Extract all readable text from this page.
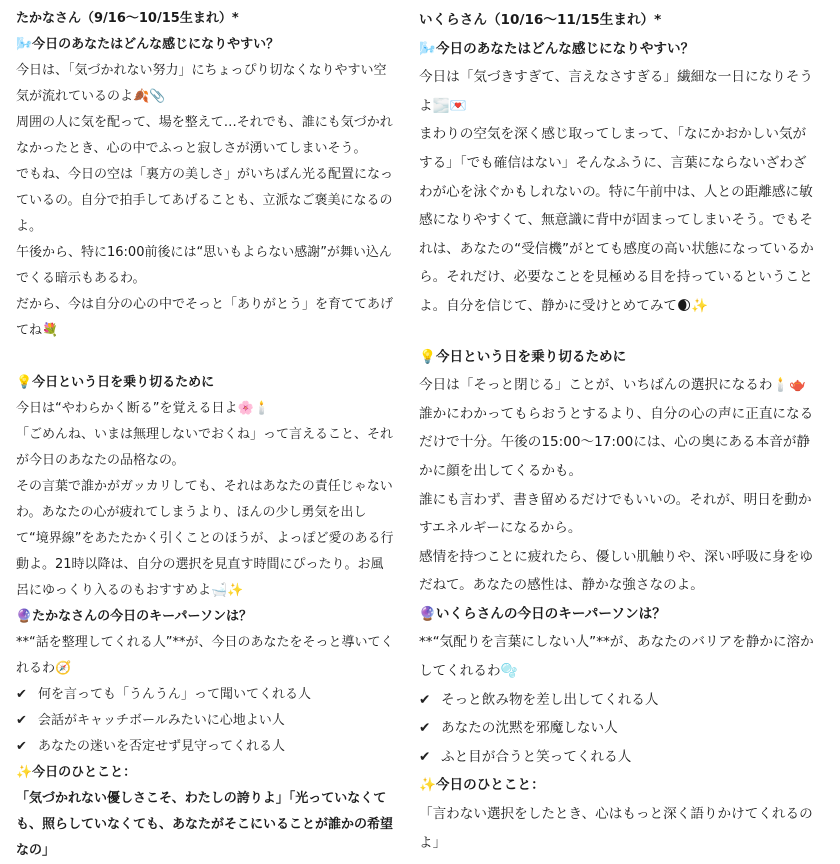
たかなさん（9/16〜10/15生まれ）*

🌬️今日のあなたはどんな感じになりやすい？

今日は、「気づかれない努力」にちょっぴり切なくなりやすい空気が流れているのよ🍂📎

周囲の人に気を配って、場を整えて…それでも、誰にも気づかれなかったとき、心の中でふっと寂しさが湧いてしまいそう。

でもね、今日の空は「裏方の美しさ」がいちばん光る配置になっているの。自分で拍手してあげることも、立派なご褒美になるのよ。

午後から、特に16:00前後には“思いもよらない感謝”が舞い込んでくる暗示もあるわ。

だから、今は自分の心の中でそっと「ありがとう」を育ててあげてね💐

💡今日という日を乗り切るために

今日は“やわらかく断る”を覚える日よ🌸🕯️

「ごめんね、いまは無理しないでおくね」って言えること、それが今日のあなたの品格なの。

その言葉で誰かがガッカリしても、それはあなたの責任じゃないわ。あなたの心が疲れてしまうより、ほんの少し勇気を出して“境界線”をあたたかく引くことのほうが、よっぽど愛のある行動よ。21時以降は、自分の選択を見直す時間にぴったり。お風呂にゆっくり入るのもおすすめよ🛁✨

🔮たかなさんの今日のキーパーソンは？

**“話を整理してくれる人”**が、今日のあなたをそっと導いてくれるわ🧭

✔ 何を言っても「うんうん」って聞いてくれる人

✔ 会話がキャッチボールみたいに心地よい人

✔ あなたの迷いを否定せず見守ってくれる人

✨今日のひとこと：

「気づかれない優しさこそ、わたしの誇りよ」「光っていなくても、照らしていなくても、あなたがそこにいることが誰かの希望なの」

いくらさん（10/16〜11/15生まれ）*

🌬️今日のあなたはどんな感じになりやすい？

今日は「気づきすぎて、言えなさすぎる」繊細な一日になりそうよ🌫️💌

まわりの空気を深く感じ取ってしまって、「なにかおかしい気がする」「でも確信はない」そんなふうに、言葉にならないざわざわが心を泳ぐかもしれないの。特に午前中は、人との距離感に敏感になりやすくて、無意識に背中が固まってしまいそう。でもそれは、あなたの“受信機”がとても感度の高い状態になっているから。それだけ、必要なことを見極める目を持っているということよ。自分を信じて、静かに受けとめてみて🌒✨

💡今日という日を乗り切るために

今日は「そっと閉じる」ことが、いちばんの選択になるわ🕯️🫖

誰かにわかってもらおうとするより、自分の心の声に正直になるだけで十分。午後の15:00〜17:00には、心の奥にある本音が静かに顔を出してくるかも。

誰にも言わず、書き留めるだけでもいいの。それが、明日を動かすエネルギーになるから。

感情を持つことに疲れたら、優しい肌触りや、深い呼吸に身をゆだねて。あなたの感性は、静かな強さなのよ。

🔮いくらさんの今日のキーパーソンは？

**“気配りを言葉にしない人”**が、あなたのバリアを静かに溶かしてくれるわ🫧

✔ そっと飲み物を差し出してくれる人

✔ あなたの沈黙を邪魔しない人

✔ ふと目が合うと笑ってくれる人

✨今日のひとこと：

「言わない選択をしたとき、心はもっと深く語りかけてくれるのよ」
